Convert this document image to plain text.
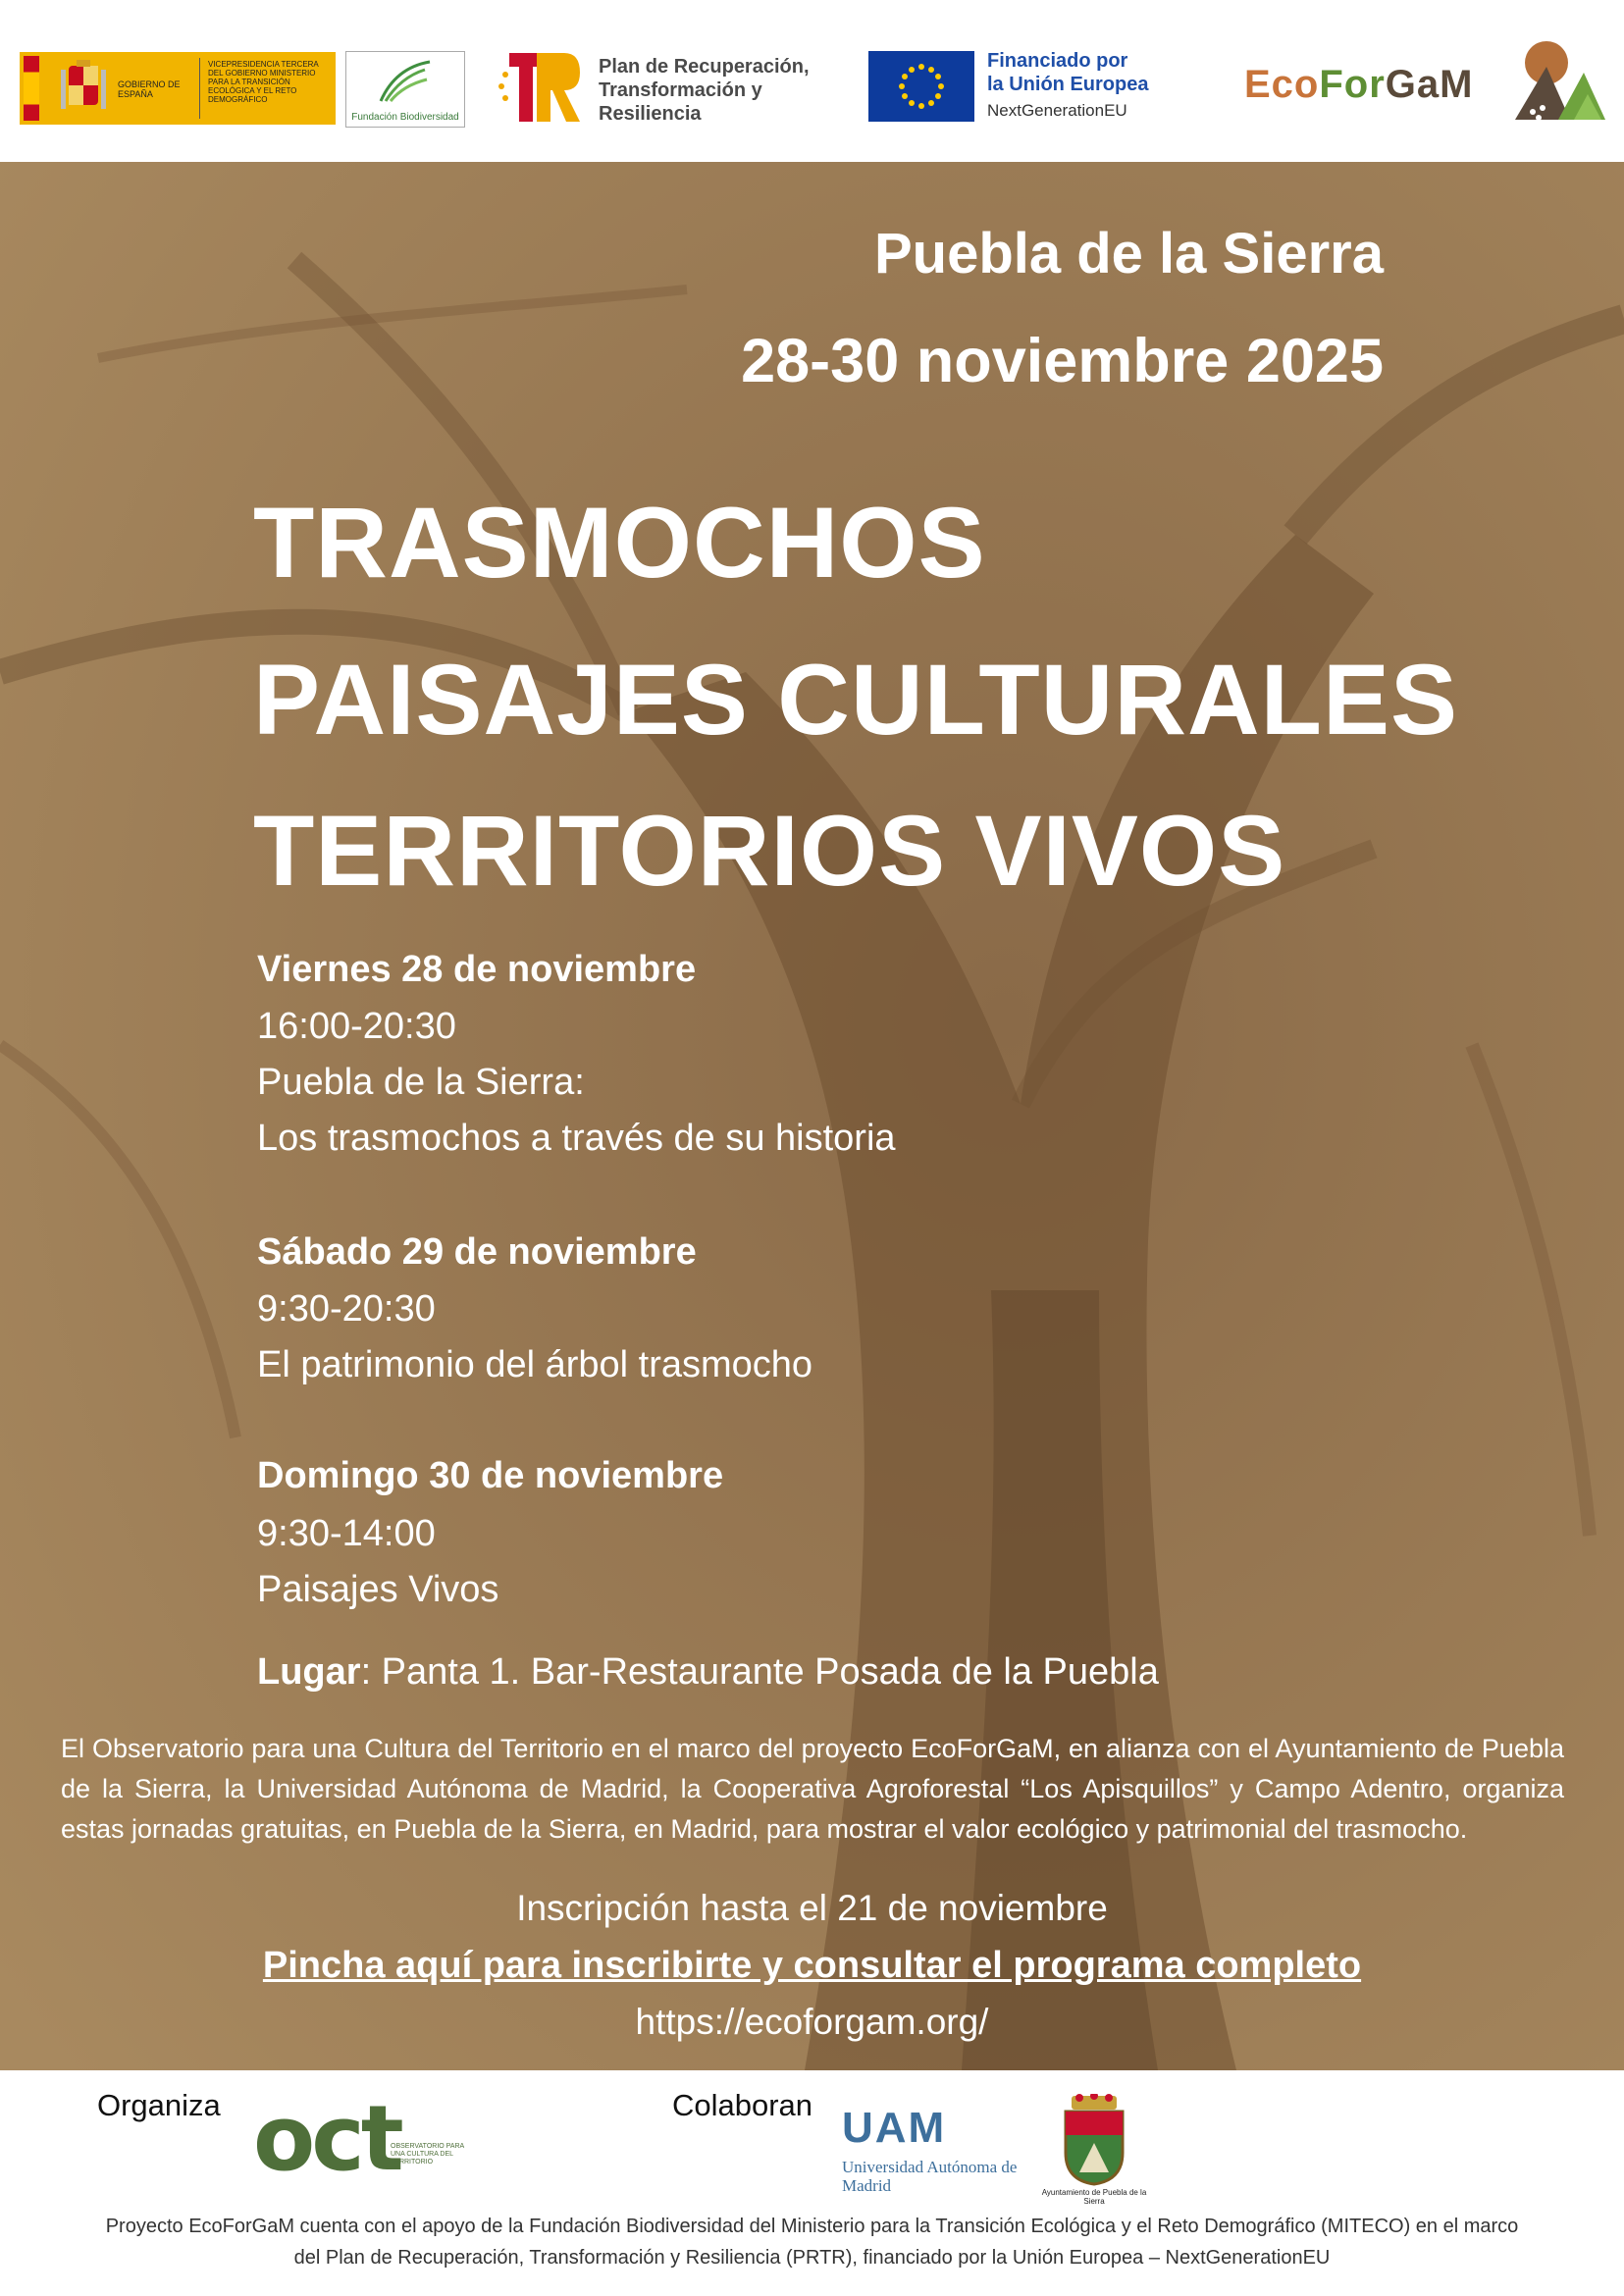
GOBIERNO DE ESPAÑA
VICEPRESIDENCIA TERCERA DEL GOBIERNO MINISTERIO PARA LA TRANSICIÓN ECOLÓGICA Y EL RETO DEMOGRÁFICO
Fundación Biodiversidad
Plan de Recuperación, Transformación y Resiliencia
Financiado por
la Unión Europea
NextGenerationEU
EcoForGaM
Puebla de la Sierra
28-30 noviembre 2025
TRASMOCHOS
PAISAJES CULTURALES
TERRITORIOS VIVOS
Viernes 28 de noviembre
16:00-20:30
Puebla de la Sierra:
Los trasmochos a través de su historia
Sábado 29 de noviembre
9:30-20:30
El patrimonio del árbol trasmocho
Domingo 30 de noviembre
9:30-14:00
Paisajes Vivos
Lugar: Panta 1. Bar-Restaurante Posada de la Puebla
El Observatorio para una Cultura del Territorio en el marco del proyecto EcoForGaM, en alianza con el Ayuntamiento de Puebla de la Sierra, la Universidad Autónoma de Madrid, la Cooperativa Agroforestal “Los Apisquillos” y Campo Adentro, organiza estas jornadas gratuitas, en Puebla de la Sierra, en Madrid, para mostrar el valor ecológico y patrimonial del trasmocho.
Inscripción hasta el 21 de noviembre
Pincha aquí para inscribirte y consultar el programa completo
https://ecoforgam.org/
Organiza oct
OBSERVATORIO PARA UNA CULTURA DEL TERRITORIO
Colaboran UAM
Universidad Autónoma de Madrid	Ayuntamiento de Puebla de la Sierra
Proyecto EcoForGaM cuenta con el apoyo de la Fundación Biodiversidad del Ministerio para la Transición Ecológica y el Reto Demográfico (MITECO) en el marco del Plan de Recuperación, Transformación y Resiliencia (PRTR), financiado por la Unión Europea – NextGenerationEU
